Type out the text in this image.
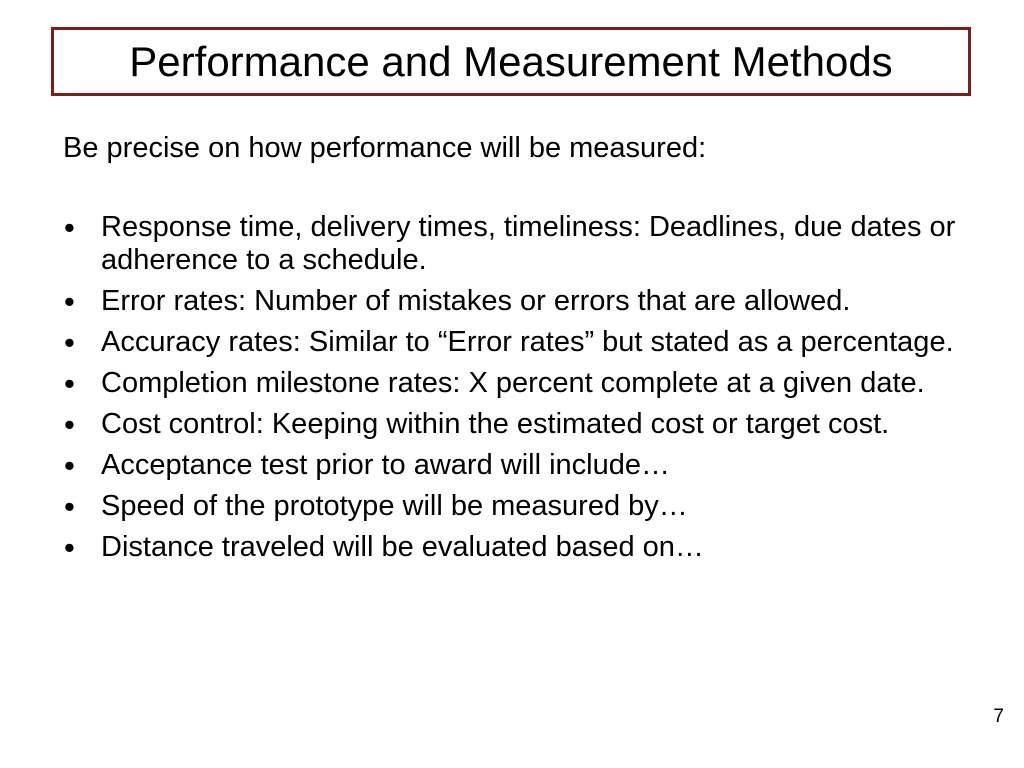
Performance and Measurement Methods
Be precise on how performance will be measured:
• Response time, delivery times, timeliness: Deadlines, due dates or adherence to a schedule.
• Error rates: Number of mistakes or errors that are allowed.
• Accuracy rates: Similar to “Error rates” but stated as a percentage.
• Completion milestone rates: X percent complete at a given date.
• Cost control: Keeping within the estimated cost or target cost.
• Acceptance test prior to award will include…
• Speed of the prototype will be measured by…
• Distance traveled will be evaluated based on…
7
